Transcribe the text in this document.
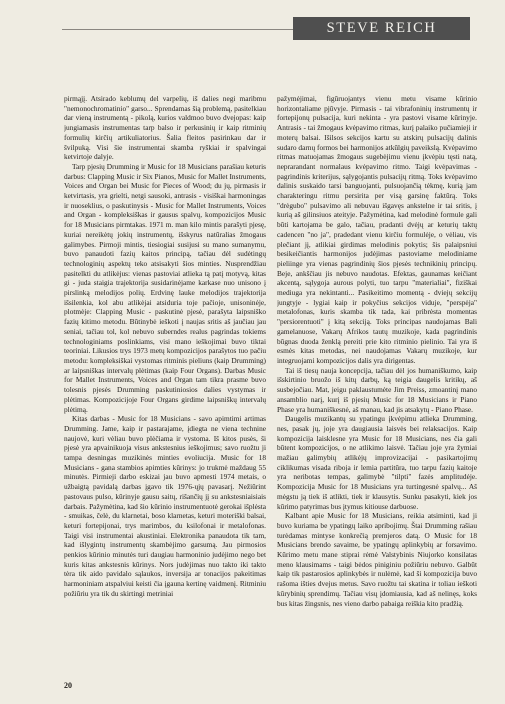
STEVE REICH

pirmąjį. Atsirado keblumų del varpelių, iš dalies negi maribmu "nemonochromatinio" garso... Sprendamas šią problemą, pasitelkiau dar vieną instrumentą - pikolą, kurios valdmoo buvo dvejopas: kaip jungiamasis instrumentas tarp balso ir perkusinių ir kaip ritminių formulių kirčių artikuliatorius. Šalia fleitos pasirinkau dar ir švilpuką. Visi šie instrumentai skamba ryškiai ir spalvingai ketvirtoje dalyje.

Tarp pjesių Drumming ir Music for 18 Musicians parašiau keturis darbus: Clapping Music ir Six Pianos, Music for Mallet Instruments, Voices and Organ bei Music for Pieces of Wood; du jų, pirmasis ir ketvirtasis, yra grielti, netgi sausoki, antrasis - visiškai harmoningas ir nuoseklius, o paskutinysis - Music for Mallet Instruments, Voices and Organ - kompleksiškas ir gausus spalvų, kompozicijos Music for 18 Musicians pirmtakas. 1971 m. man kilo mintis parašyti pjesę, kuriai nereikėtų jokių instrumentų, išskyrus natūralias žmogaus galimybes. Pirmoji mintis, tiesiogiai susijusi su mano sumanymu, buvo panaudoti fazių kaitos principą, tačiau dėl sudėtingų technologinių aspektų teko atsisakyti šios minties. Nusprendžiau pasitelkti du atlikėjus: vienas pastoviai atlieka tą patį motyvą, kitas gi - juda staigia trajektorija susidarinėjame karkase nuo unisono į pirslinką melodijos polių. Erdvinę lauke melodijos trajektorija išsilenkia, kol abu atlikėjai atsiduria toje pačioje, unisoninėje, plotmėje: Clapping Music - paskutinė pjesė, parašyta laipsniško fazių kitimo metodu. Būtinybė ieškoti į naujas sritis aš jaučiau jau seniai, tačiau tol, kol nebuvo suberndes realus pagrindas tokiems technologiniams poslinkiams, visi mano ieškojimai buvo tiktai teoriniai. Likusios trys 1973 metų kompozicijos parašytos tuo pačiu metodu: kompleksiškai vystomas ritminis pieliuns (kaip Drumming) ar laipsniškas intervalų plėtimas (kaip Four Organs). Darbas Music for Mallet Instruments, Voices and Organ tam tikra prasme buvo tolesnis pjesės Drumming paskutiniosios dalies vystymas ir plėtimas. Kompozicijoje Four Organs girdime laipsniškų intervalų plėtimą.

Kitas darbas - Music for 18 Musicians - savo apimtimi artimas Drumming. Jame, kaip ir pastarajame, įdiegta ne viena technine naujovė, kuri vėliau buvo plėčiama ir vystoma. Iš kitos pusės, ši pjesė yra apvainikuoja visus ankstesnius ieškojimus; savo ruožtu ji tampa desningas muzikinės minties evoliucija. Music for 18 Musicians - gana stambios apimties kūrinys: jo trukmė maždaug 55 minutės. Pirmieji darbo eskizai jau buvo apmesti 1974 metais, o užbaigtą pavidalą darbas įgavo tik 1976-ųjų pavasarį. Nežiūrint pastovaus pulso, kūrinyje gausu saitų, rišančių jį su ankstesniaisiais darbais. Pažymėtina, kad šio kūrinio instrumentuotė gerokai išplėsta - smuikas, čelė, du klarnetai, boso klarnetas, keturi moteriški balsai, keturi fortepijonai, trys marimbos, du ksilofonai ir metalofonas. Taigi visi instrumentai akustiniai. Elektronika panaudota tik tam, kad išlygintų instrumentų skambėjimo garsumą. Jau pirmosios penkios kūrinio minutės turi daugiau harmoninio judėjimo nego bet kuris kitas ankstesnis kūrinys. Nors judėjimas nuo takto iki takto tėra tik aido pavidalo sąlaukos, inversija ar tonacijos pakeitimas harmoniniam atspalviui keisti čia įgauna kertinę vaidmenį. Ritminiu požiūriu yra tik du skirtingi metriniai

pažymėjimai, figūruojantys vienu metu visame kūrinio horizontaliame pjūvyje. Pirmasis - tai vibrafoninių instrumentų ir fortepijonų pulsacija, kuri nekinta - yra pastovi visame kūrinyje. Antrasis - tai žmogaus kvėpavimo ritmas, kurį palaiko pučiamieji ir moterų balsai. Išilsos sekcijos kartu su atskirų pulsacijų dalinis sudaro darnų formos bei harmonijos atkūlgių paveikslą. Kvėpavimo ritmas matuojamas žmogaus sugebėjimu vienu įkvėpiu tęsti natą, neprarandant normalaus kvėpavimo ritmo. Taigi kvėpavimas - pagrindinis kriterijus, sąlygojantis pulsacijų ritmą. Toks kvėpavimo dalinis suskaido tarsi banguojanti, pulsuojančią tėkmę, kurią jam charakteringu ritmu persirita per visą garsinę faktūrą. Toks "drėgubo" pulsavimo ali nebuvau išgavęs ankstelne ir tai sritis, į kurią aš gilinsiuos ateityje. Pažymėtina, kad melodinė formule gali būti kartojama be galo, tačiau, pradanti dvėjų ar keturių taktų cadencen "no ja", pradedant vienu kirčiu formulėje, o vėliau, vis plečiant jį, atlikiai girdimas melodinis pokytis; šis palaipsniui besikeičiantis harmonijos judėjimas pastoviame melodiniame pieliinge yra vienas pagrindinių šios pjesės technikinių principų. Beje, ankščiau jis nebuvo naudotas. Efektas, gaunamas keičiant akcentą, sąlygoja aurous polyti, tuo tarpu "materialiai", fiziškai mediuga yra nekintanti... Pasikeitimo momentą - dviejų sekcijų jungtyje - lygiai kaip ir pokyčius sekcijos viduje, "perspėja" metalofonas, kuris skamba tik tada, kai pribrėsta momentas "persiorentuoti" į kitą sekciją. Toks principas naudojamas Bali gamelanuose, Vakarų Afrikos tautų muzikoje, kada pagrindinis būgnas duoda ženklą pereiti prie kito ritminio pielinio. Tai yra iš esmės kitas metodas, nei naudojamas Vakarų muzikoje, kur integruojami kompozicijos dalis yra dirigentas.

Tai iš tiesų nauja koncepcija, tačiau dėl jos humaniškumo, kaip išskirtinio bruožo iš kitų darbų, ką teigia daugelis kritikų, aš susbejočiau. Mat, jeigu paklaustumėte Jim Preiss, zmoantinį mano ansamblio narį, kurį iš pjesių Music for 18 Musicians ir Piano Phase yra humaniškesnė, aš manau, kad jis atsakytų - Piano Phase.

Daugelis muzikantų su ypatingu įkvėpimu atlieka Drumming, nes, pasak jų, joje yra daugiausia laisvės bei relaksacijos. Kaip kompozicija laisklesne yra Music for 18 Musicians, nes čia gali būtent kompozicijos, o ne atlikimo laisvė. Tačiau joje yra žymiai mažiau galimybių atlikėjų improvizacijai - pasikartojimų ciklikumas visada riboja ir lemia partitūra, tuo tarpu fazių kaitoje yra neribotas tempas, galimybė "tilpti" fazės amplitudėje. Kompozicija Music for 18 Musicians yra turtingesnė spalvų... Aš mėgstu ją tiek iš atlikti, tiek ir klausytis. Sunku pasakyti, kiek jos kūrimo patyrimas bus įtymus kitiouse darbuose.

Kalbant apie Music for 18 Musicians, reikia atsiminti, kad ji buvo kuriama be ypatingų laiko apribojimų. Štai Drumming rašiau turėdamas mintyse konkrečią premjeros datą. O Music for 18 Musicians brendo savaime, be ypatingų aplinkybių ar forsavimo. Kūrimo metu mane stiprai rėmė Valstybinis Niujorko konsilatas meno klausimams - taigi bėdos piniginiu požiūriu nebuvo. Galbūt kaip tik pastarosios aplinkybės ir nulėmė, kad ši kompozicija buvo rašoma išties dvejus metus. Savo ruožtu tai skatina ir toliau ieškoti kūrybinių sprendimų. Tačiau visų įdomiausia, kad aš nelinęs, koks bus kitas žingsnis, nes vieno darbo pabaiga reiškia kito pradžią.

20
